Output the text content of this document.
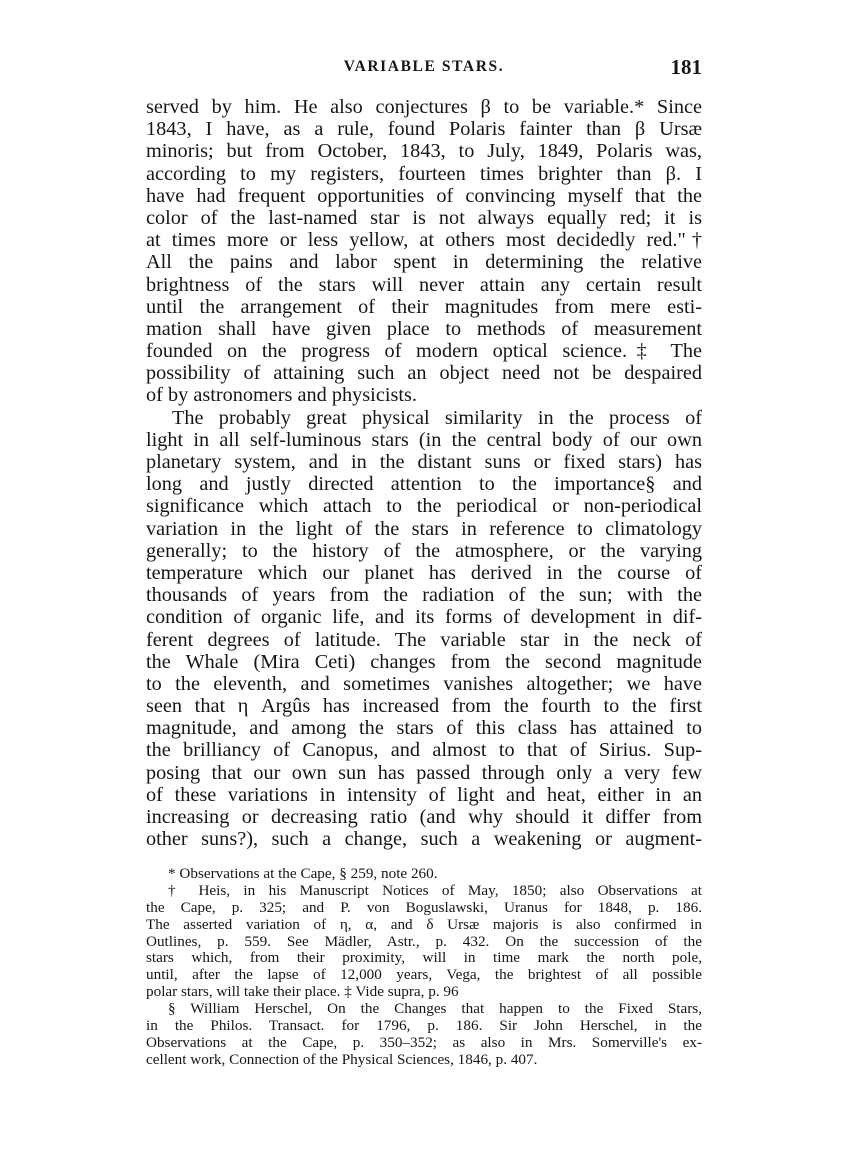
VARIABLE STARS.	181
served by him. He also conjectures β to be variable.* Since
1843, I have, as a rule, found Polaris fainter than β Ursæ
minoris; but from October, 1843, to July, 1849, Polaris was,
according to my registers, fourteen times brighter than β. I
have had frequent opportunities of convincing myself that the
color of the last-named star is not always equally red; it is
at times more or less yellow, at others most decidedly red."†
All the pains and labor spent in determining the relative
brightness of the stars will never attain any certain result
until the arrangement of their magnitudes from mere esti-
mation shall have given place to methods of measurement
founded on the progress of modern optical science.‡ The
possibility of attaining such an object need not be despaired
of by astronomers and physicists.
The probably great physical similarity in the process of
light in all self-luminous stars (in the central body of our own
planetary system, and in the distant suns or fixed stars) has
long and justly directed attention to the importance§ and
significance which attach to the periodical or non-periodical
variation in the light of the stars in reference to climatology
generally; to the history of the atmosphere, or the varying
temperature which our planet has derived in the course of
thousands of years from the radiation of the sun; with the
condition of organic life, and its forms of development in dif-
ferent degrees of latitude. The variable star in the neck of
the Whale (Mira Ceti) changes from the second magnitude
to the eleventh, and sometimes vanishes altogether; we have
seen that η Argûs has increased from the fourth to the first
magnitude, and among the stars of this class has attained to
the brilliancy of Canopus, and almost to that of Sirius. Sup-
posing that our own sun has passed through only a very few
of these variations in intensity of light and heat, either in an
increasing or decreasing ratio (and why should it differ from
other suns?), such a change, such a weakening or augment-
* Observations at the Cape, § 259, note 260.
† Heis, in his Manuscript Notices of May, 1850; also Observations at
the Cape, p. 325; and P. von Boguslawski, Uranus for 1848, p. 186.
The asserted variation of η, α, and δ Ursæ majoris is also confirmed in
Outlines, p. 559. See Mädler, Astr., p. 432. On the succession of the
stars which, from their proximity, will in time mark the north pole,
until, after the lapse of 12,000 years, Vega, the brightest of all possible
polar stars, will take their place. ‡ Vide supra, p. 96
§ William Herschel, On the Changes that happen to the Fixed Stars,
in the Philos. Transact. for 1796, p. 186. Sir John Herschel, in the
Observations at the Cape, p. 350–352; as also in Mrs. Somerville's ex-
cellent work, Connection of the Physical Sciences, 1846, p. 407.
